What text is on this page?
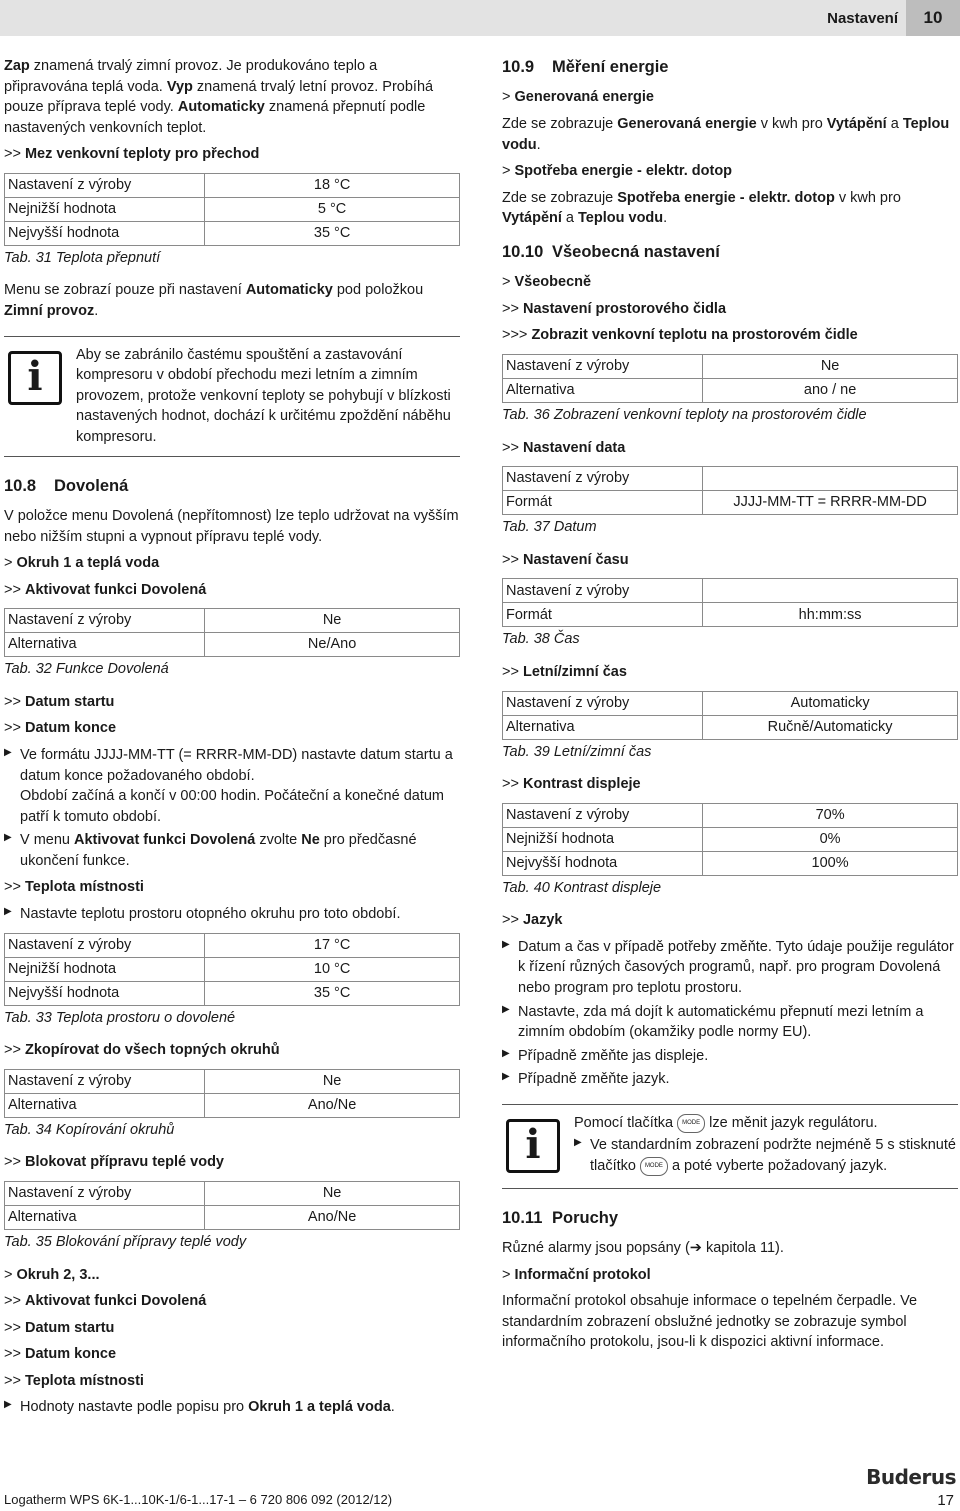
Nastavení	10

Zap znamená trvalý zimní provoz. Je produkováno teplo a připravována teplá voda. Vyp znamená trvalý letní provoz. Probíhá pouze příprava teplé vody. Automaticky znamená přepnutí podle nastavených venkovních teplot.

>> Mez venkovní teploty pro přechod
Nastavení z výroby	18 °C
Nejnižší hodnota	5 °C
Nejvyšší hodnota	35 °C
Tab. 31 Teplota přepnutí

Menu se zobrazí pouze při nastavení Automaticky pod položkou Zimní provoz.

i	Aby se zabránilo častému spouštění a zastavování kompresoru v období přechodu mezi letním a zimním provozem, protože venkovní teploty se pohybují v blízkosti nastavených hodnot, dochází k určitému zpoždění náběhu kompresoru.
10.8 Dovolená

V položce menu Dovolená (nepřítomnost) lze teplo udržovat na vyšším nebo nižším stupni a vypnout přípravu teplé vody.

> Okruh 1 a teplá voda
>> Aktivovat funkci Dovolená
Nastavení z výroby	Ne
Alternativa	Ne/Ano
Tab. 32 Funkce Dovolená
>> Datum startu
>> Datum konce
▶ Ve formátu JJJJ-MM-TT (= RRRR-MM-DD) nastavte datum startu a datum konce požadovaného období.
Období začíná a končí v 00:00 hodin. Počáteční a konečné datum patří k tomuto období.
▶ V menu Aktivovat funkci Dovolená zvolte Ne pro předčasné ukončení funkce.
>> Teplota místnosti
▶ Nastavte teplotu prostoru otopného okruhu pro toto období.
Nastavení z výroby	17 °C
Nejnižší hodnota	10 °C
Nejvyšší hodnota	35 °C
Tab. 33 Teplota prostoru o dovolené
>> Zkopírovat do všech topných okruhů
Nastavení z výroby	Ne
Alternativa	Ano/Ne
Tab. 34 Kopírování okruhů
>> Blokovat přípravu teplé vody
Nastavení z výroby	Ne
Alternativa	Ano/Ne
Tab. 35 Blokování přípravy teplé vody
> Okruh 2, 3...
>> Aktivovat funkci Dovolená
>> Datum startu
>> Datum konce
>> Teplota místnosti
▶ Hodnoty nastavte podle popisu pro Okruh 1 a teplá voda.
10.9 Měření energie
> Generovaná energie

Zde se zobrazuje Generovaná energie v kwh pro Vytápění a Teplou vodu.

> Spotřeba energie - elektr. dotop

Zde se zobrazuje Spotřeba energie - elektr. dotop v kwh pro Vytápění a Teplou vodu.

10.10 Všeobecná nastavení
> Všeobecně
>> Nastavení prostorového čidla
>>> Zobrazit venkovní teplotu na prostorovém čidle
Nastavení z výroby	Ne
Alternativa	ano / ne
Tab. 36 Zobrazení venkovní teploty na prostorovém čidle
>> Nastavení data
Nastavení z výroby	
Formát	JJJJ-MM-TT = RRRR-MM-DD
Tab. 37 Datum
>> Nastavení času
Nastavení z výroby	
Formát	hh:mm:ss
Tab. 38 Čas
>> Letní/zimní čas
Nastavení z výroby	Automaticky
Alternativa	Ručně/Automaticky
Tab. 39 Letní/zimní čas
>> Kontrast displeje
Nastavení z výroby	70%
Nejnižší hodnota	0%
Nejvyšší hodnota	100%
Tab. 40 Kontrast displeje
>> Jazyk
▶ Datum a čas v případě potřeby změňte. Tyto údaje použije regulátor k řízení různých časových programů, např. pro program Dovolená nebo program pro teplotu prostoru.
▶ Nastavte, zda má dojít k automatickému přepnutí mezi letním a zimním obdobím (okamžiky podle normy EU).
▶ Případně změňte jas displeje.
▶ Případně změňte jazyk.
i	Pomocí tlačítka MODE lze měnit jazyk regulátoru.
▶ Ve standardním zobrazení podržte nejméně 5 s stisknuté tlačítko MODE a poté vyberte požadovaný jazyk.
10.11 Poruchy

Různé alarmy jsou popsány (➔ kapitola 11).

> Informační protokol

Informační protokol obsahuje informace o tepelném čerpadle. Ve standardním zobrazení obslužné jednotky se zobrazuje symbol informačního protokolu, jsou-li k dispozici aktivní informace.

Buderus
Logatherm WPS 6K-1...10K-1/6-1...17-1 – 6 720 806 092 (2012/12)	17
